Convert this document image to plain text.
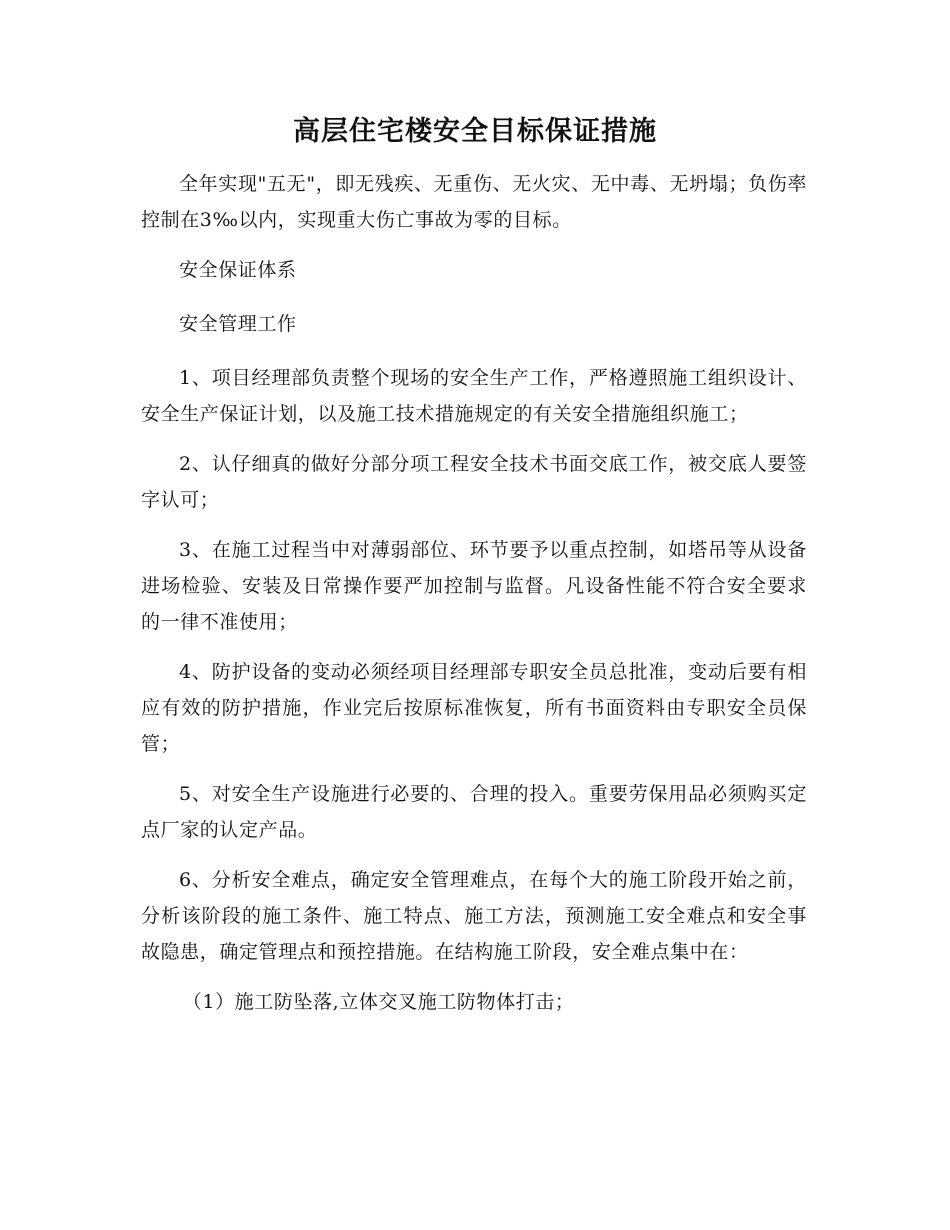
高层住宅楼安全目标保证措施

全年实现"五无"，即无残疾、无重伤、无火灾、无中毒、无坍塌；负伤率控制在3‰以内，实现重大伤亡事故为零的目标。

安全保证体系

安全管理工作

1、项目经理部负责整个现场的安全生产工作，严格遵照施工组织设计、安全生产保证计划，以及施工技术措施规定的有关安全措施组织施工；

2、认仔细真的做好分部分项工程安全技术书面交底工作，被交底人要签字认可；

3、在施工过程当中对薄弱部位、环节要予以重点控制，如塔吊等从设备进场检验、安装及日常操作要严加控制与监督。凡设备性能不符合安全要求的一律不准使用；

4、防护设备的变动必须经项目经理部专职安全员总批准，变动后要有相应有效的防护措施，作业完后按原标准恢复，所有书面资料由专职安全员保管；

5、对安全生产设施进行必要的、合理的投入。重要劳保用品必须购买定点厂家的认定产品。

6、分析安全难点，确定安全管理难点，在每个大的施工阶段开始之前，分析该阶段的施工条件、施工特点、施工方法，预测施工安全难点和安全事故隐患，确定管理点和预控措施。在结构施工阶段，安全难点集中在：

（1）施工防坠落,立体交叉施工防物体打击；
